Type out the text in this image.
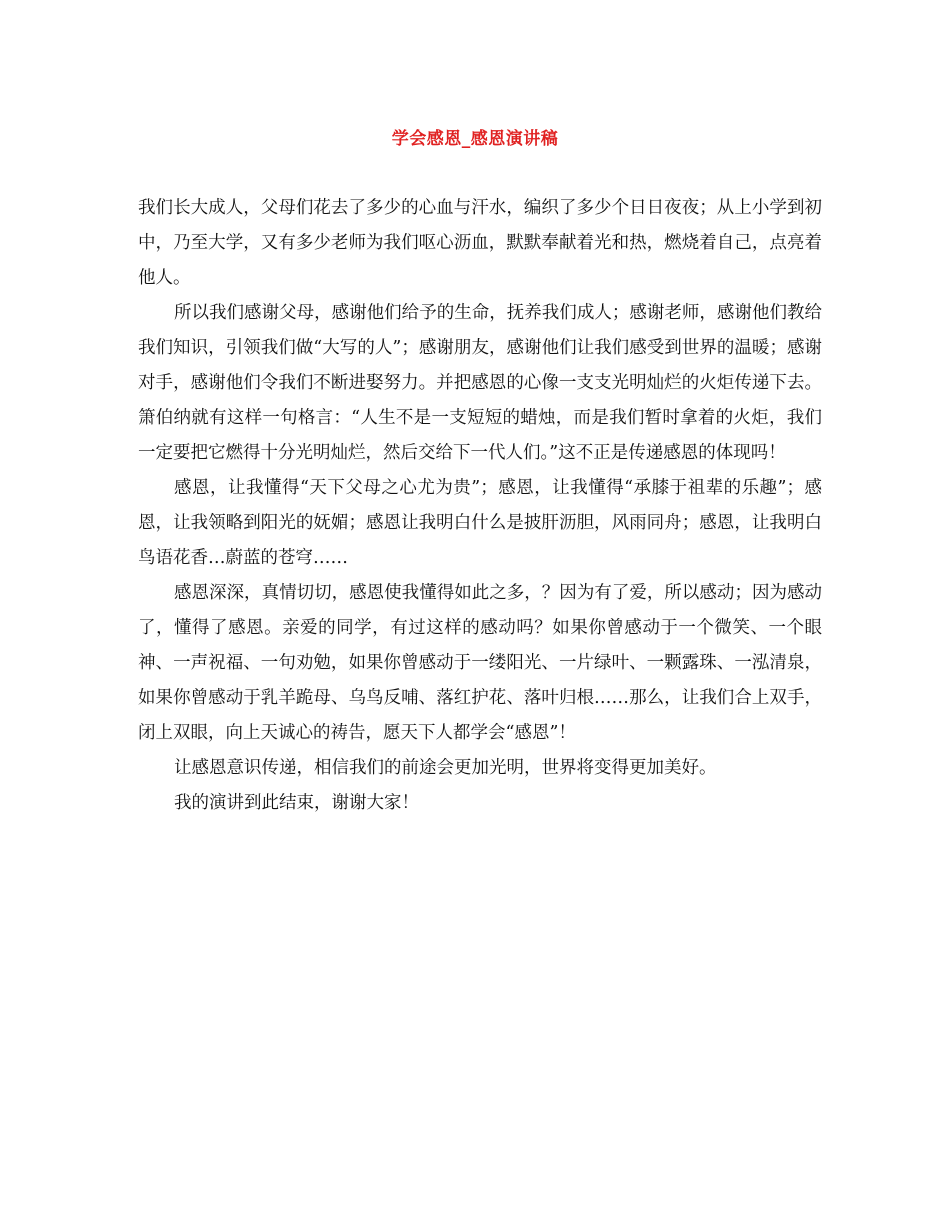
学会感恩_感恩演讲稿

我们长大成人，父母们花去了多少的心血与汗水，编织了多少个日日夜夜；从上小学到初中，乃至大学，又有多少老师为我们呕心沥血，默默奉献着光和热，燃烧着自己，点亮着他人。

所以我们感谢父母，感谢他们给予的生命，抚养我们成人；感谢老师，感谢他们教给我们知识，引领我们做“大写的人”；感谢朋友，感谢他们让我们感受到世界的温暖；感谢对手，感谢他们令我们不断进娶努力。并把感恩的心像一支支光明灿烂的火炬传递下去。箫伯纳就有这样一句格言：“人生不是一支短短的蜡烛，而是我们暂时拿着的火炬，我们一定要把它燃得十分光明灿烂，然后交给下一代人们。”这不正是传递感恩的体现吗！

感恩，让我懂得“天下父母之心尤为贵”；感恩，让我懂得“承膝于祖辈的乐趣”；感恩，让我领略到阳光的妩媚；感恩让我明白什么是披肝沥胆，风雨同舟；感恩，让我明白鸟语花香…蔚蓝的苍穹……

感恩深深，真情切切，感恩使我懂得如此之多，？因为有了爱，所以感动；因为感动了，懂得了感恩。亲爱的同学，有过这样的感动吗？如果你曾感动于一个微笑、一个眼神、一声祝福、一句劝勉，如果你曾感动于一缕阳光、一片绿叶、一颗露珠、一泓清泉，如果你曾感动于乳羊跪母、乌鸟反哺、落红护花、落叶归根……那么，让我们合上双手，闭上双眼，向上天诚心的祷告，愿天下人都学会“感恩”！

让感恩意识传递，相信我们的前途会更加光明，世界将变得更加美好。

我的演讲到此结束，谢谢大家！
